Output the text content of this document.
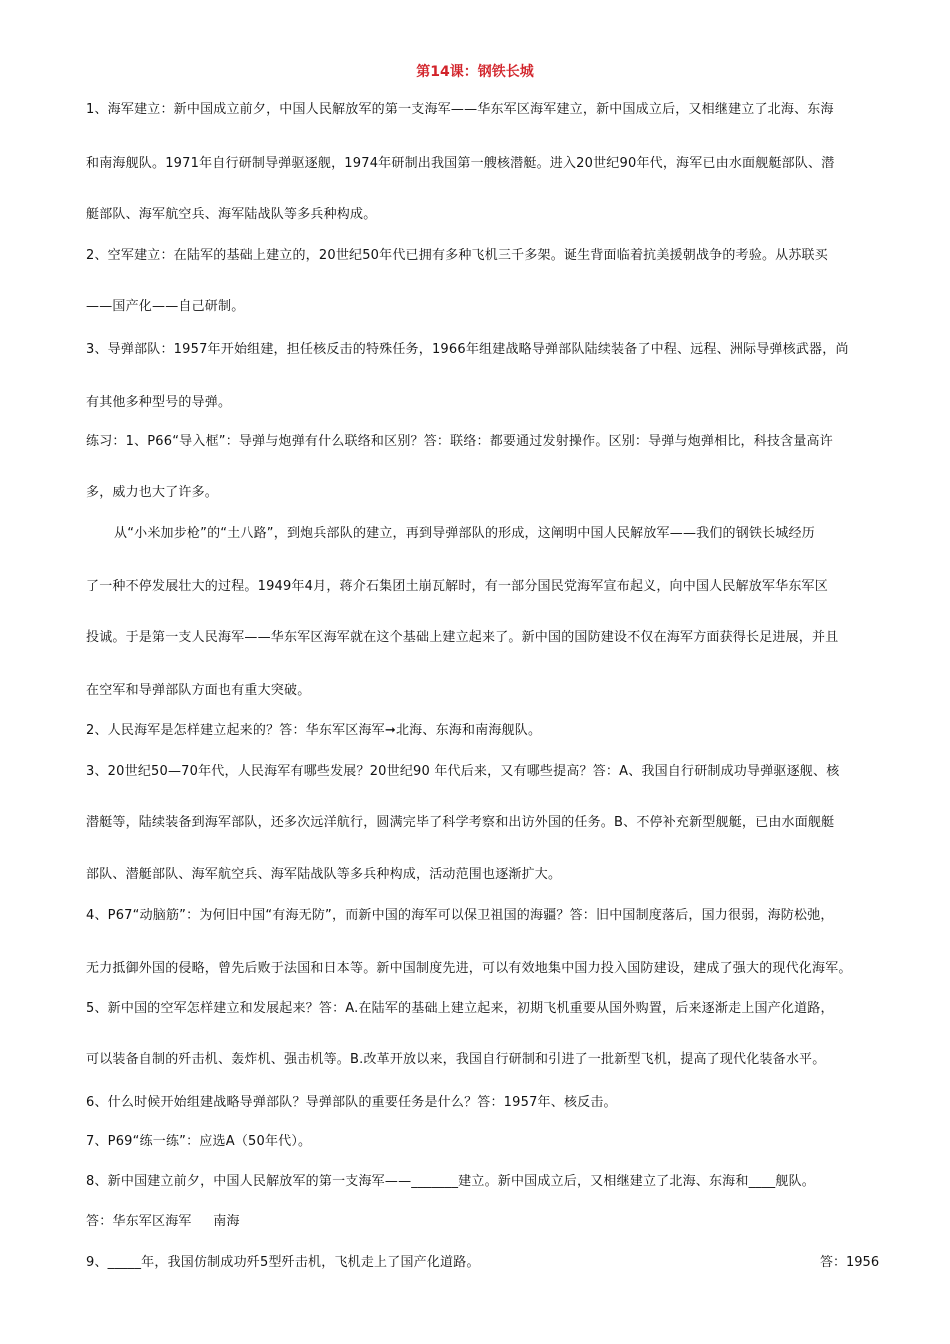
第14课：钢铁长城
1、海军建立：新中国成立前夕，中国人民解放军的第一支海军——华东军区海军建立，新中国成立后，又相继建立了北海、东海
和南海舰队。1971年自行研制导弹驱逐舰，1974年研制出我国第一艘核潜艇。进入20世纪90年代，海军已由水面舰艇部队、潜
艇部队、海军航空兵、海军陆战队等多兵种构成。
2、空军建立：在陆军的基础上建立的，20世纪50年代已拥有多种飞机三千多架。诞生背面临着抗美援朝战争的考验。从苏联买
——国产化——自己研制。
3、导弹部队：1957年开始组建，担任核反击的特殊任务，1966年组建战略导弹部队陆续装备了中程、远程、洲际导弹核武器，尚
有其他多种型号的导弹。
练习：1、P66“导入框”：导弹与炮弹有什么联络和区别？答：联络：都要通过发射操作。区别：导弹与炮弹相比，科技含量高许
多，威力也大了许多。
从“小米加步枪”的“土八路”，到炮兵部队的建立，再到导弹部队的形成，这阐明中国人民解放军——我们的钢铁长城经历
了一种不停发展壮大的过程。1949年4月，蒋介石集团土崩瓦解时，有一部分国民党海军宣布起义，向中国人民解放军华东军区
投诚。于是第一支人民海军——华东军区海军就在这个基础上建立起来了。新中国的国防建设不仅在海军方面获得长足进展，并且
在空军和导弹部队方面也有重大突破。
2、人民海军是怎样建立起来的？答：华东军区海军➞北海、东海和南海舰队。
3、20世纪50—70年代，人民海军有哪些发展？20世纪90 年代后来，又有哪些提高？答：A、我国自行研制成功导弹驱逐舰、核
潜艇等，陆续装备到海军部队，还多次远洋航行，圆满完毕了科学考察和出访外国的任务。B、不停补充新型舰艇，已由水面舰艇
部队、潜艇部队、海军航空兵、海军陆战队等多兵种构成，活动范围也逐渐扩大。
4、P67“动脑筋”：为何旧中国“有海无防”，而新中国的海军可以保卫祖国的海疆？答：旧中国制度落后，国力很弱，海防松弛，
无力抵御外国的侵略，曾先后败于法国和日本等。新中国制度先进，可以有效地集中国力投入国防建设，建成了强大的现代化海军。
5、新中国的空军怎样建立和发展起来？答：A.在陆军的基础上建立起来，初期飞机重要从国外购置，后来逐渐走上国产化道路，
可以装备自制的歼击机、轰炸机、强击机等。B.改革开放以来，我国自行研制和引进了一批新型飞机，提高了现代化装备水平。
6、什么时候开始组建战略导弹部队？导弹部队的重要任务是什么？答：1957年、核反击。
7、P69“练一练”：应选A（50年代）。
8、新中国建立前夕，中国人民解放军的第一支海军——_______建立。新中国成立后，又相继建立了北海、东海和____舰队。
答：华东军区海军     南海
9、_____年，我国仿制成功歼5型歼击机，飞机走上了国产化道路。	答：1956
